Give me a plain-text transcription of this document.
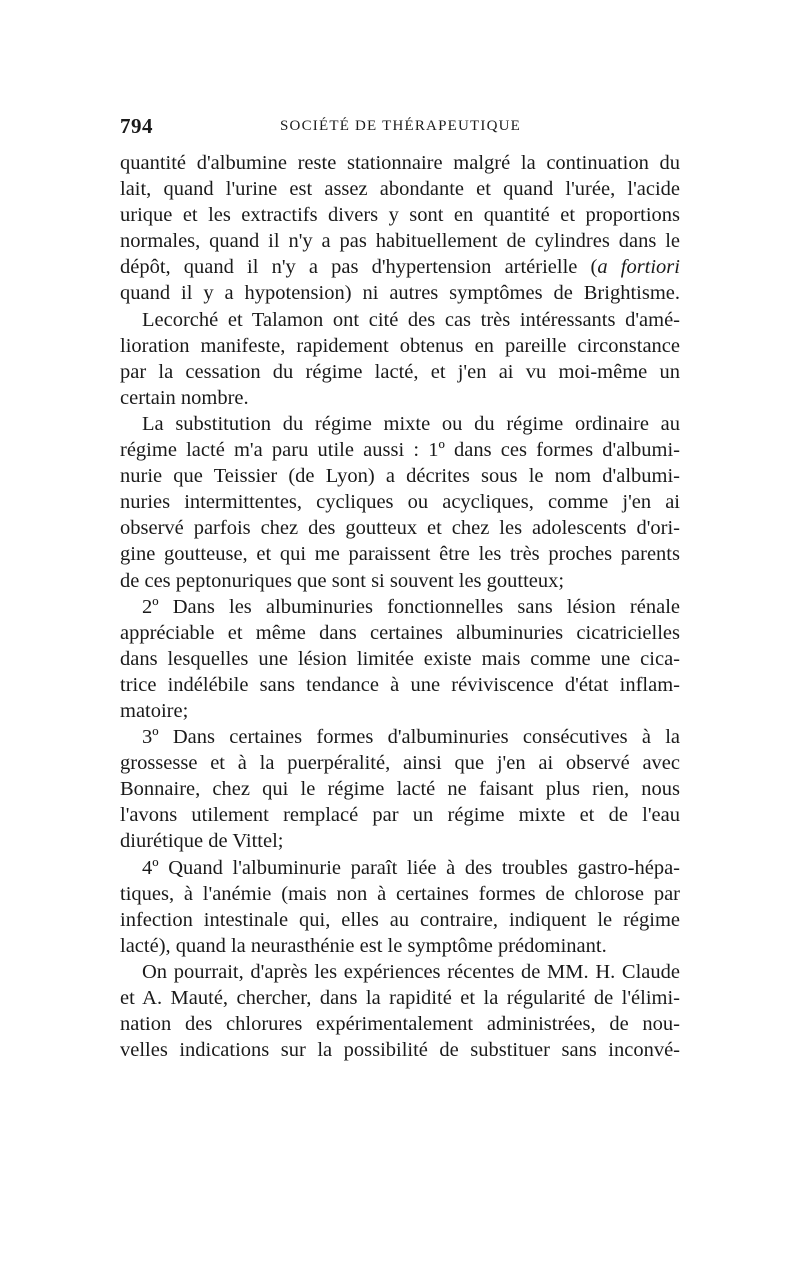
794	SOCIÉTÉ DE THÉRAPEUTIQUE
quantité d'albumine reste stationnaire malgré la continuation du
lait, quand l'urine est assez abondante et quand l'urée, l'acide
urique et les extractifs divers y sont en quantité et proportions
normales, quand il n'y a pas habituellement de cylindres dans le
dépôt, quand il n'y a pas d'hypertension artérielle (a fortiori
quand il y a hypotension) ni autres symptômes de Brightisme.
Lecorché et Talamon ont cité des cas très intéressants d'amé-
lioration manifeste, rapidement obtenus en pareille circonstance
par la cessation du régime lacté, et j'en ai vu moi-même un
certain nombre.
La substitution du régime mixte ou du régime ordinaire au
régime lacté m'a paru utile aussi : 1º dans ces formes d'albumi-
nurie que Teissier (de Lyon) a décrites sous le nom d'albumi-
nuries intermittentes, cycliques ou acycliques, comme j'en ai
observé parfois chez des goutteux et chez les adolescents d'ori-
gine goutteuse, et qui me paraissent être les très proches parents
de ces peptonuriques que sont si souvent les goutteux;
2º Dans les albuminuries fonctionnelles sans lésion rénale
appréciable et même dans certaines albuminuries cicatricielles
dans lesquelles une lésion limitée existe mais comme une cica-
trice indélébile sans tendance à une réviviscence d'état inflam-
matoire;
3º Dans certaines formes d'albuminuries consécutives à la
grossesse et à la puerpéralité, ainsi que j'en ai observé avec
Bonnaire, chez qui le régime lacté ne faisant plus rien, nous
l'avons utilement remplacé par un régime mixte et de l'eau
diurétique de Vittel;
4º Quand l'albuminurie paraît liée à des troubles gastro-hépa-
tiques, à l'anémie (mais non à certaines formes de chlorose par
infection intestinale qui, elles au contraire, indiquent le régime
lacté), quand la neurasthénie est le symptôme prédominant.
On pourrait, d'après les expériences récentes de MM. H. Claude
et A. Mauté, chercher, dans la rapidité et la régularité de l'élimi-
nation des chlorures expérimentalement administrées, de nou-
velles indications sur la possibilité de substituer sans inconvé-
